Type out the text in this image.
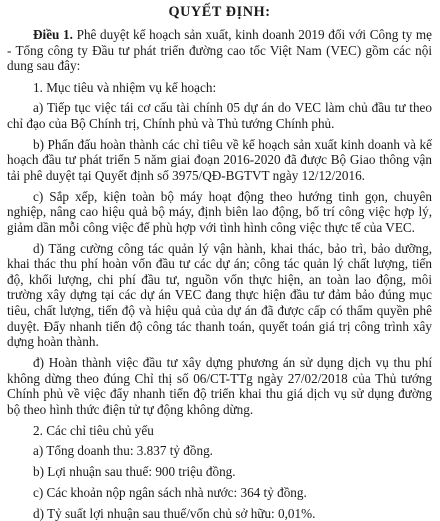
QUYẾT ĐỊNH:

Điều 1. Phê duyệt kế hoạch sản xuất, kinh doanh 2019 đối với Công ty mẹ - Tổng công ty Đầu tư phát triển đường cao tốc Việt Nam (VEC) gồm các nội dung sau đây:

1. Mục tiêu và nhiệm vụ kế hoạch:

a) Tiếp tục việc tái cơ cấu tài chính 05 dự án do VEC làm chủ đầu tư theo chỉ đạo của Bộ Chính trị, Chính phủ và Thủ tướng Chính phủ.

b) Phấn đấu hoàn thành các chỉ tiêu về kế hoạch sản xuất kinh doanh và kế hoạch đầu tư phát triển 5 năm giai đoạn 2016-2020 đã được Bộ Giao thông vận tải phê duyệt tại Quyết định số 3975/QĐ-BGTVT ngày 12/12/2016.

c) Sắp xếp, kiện toàn bộ máy hoạt động theo hướng tinh gọn, chuyên nghiệp, nâng cao hiệu quả bộ máy, định biên lao động, bố trí công việc hợp lý, giảm dần mỗi công việc để phù hợp với tình hình công việc thực tế của VEC.

d) Tăng cường công tác quản lý vận hành, khai thác, bảo trì, bảo dưỡng, khai thác thu phí hoàn vốn đầu tư các dự án; công tác quản lý chất lượng, tiến độ, khối lượng, chi phí đầu tư, nguồn vốn thực hiện, an toàn lao động, môi trường xây dựng tại các dự án VEC đang thực hiện đầu tư đảm bảo đúng mục tiêu, chất lượng, tiến độ và hiệu quả của dự án đã được cấp có thẩm quyền phê duyệt. Đẩy nhanh tiến độ công tác thanh toán, quyết toán giá trị công trình xây dựng hoàn thành.

đ) Hoàn thành việc đầu tư xây dựng phương án sử dụng dịch vụ thu phí không dừng theo đúng Chỉ thị số 06/CT-TTg ngày 27/02/2018 của Thủ tướng Chính phủ về việc đẩy nhanh tiến độ triển khai thu giá dịch vụ sử dụng đường bộ theo hình thức điện tử tự động không dừng.

2. Các chỉ tiêu chủ yếu

a) Tổng doanh thu: 3.837 tỷ đồng.

b) Lợi nhuận sau thuế: 900 triệu đồng.

c) Các khoản nộp ngân sách nhà nước: 364 tỷ đồng.

d) Tỷ suất lợi nhuận sau thuế/vốn chủ sở hữu: 0,01%.
